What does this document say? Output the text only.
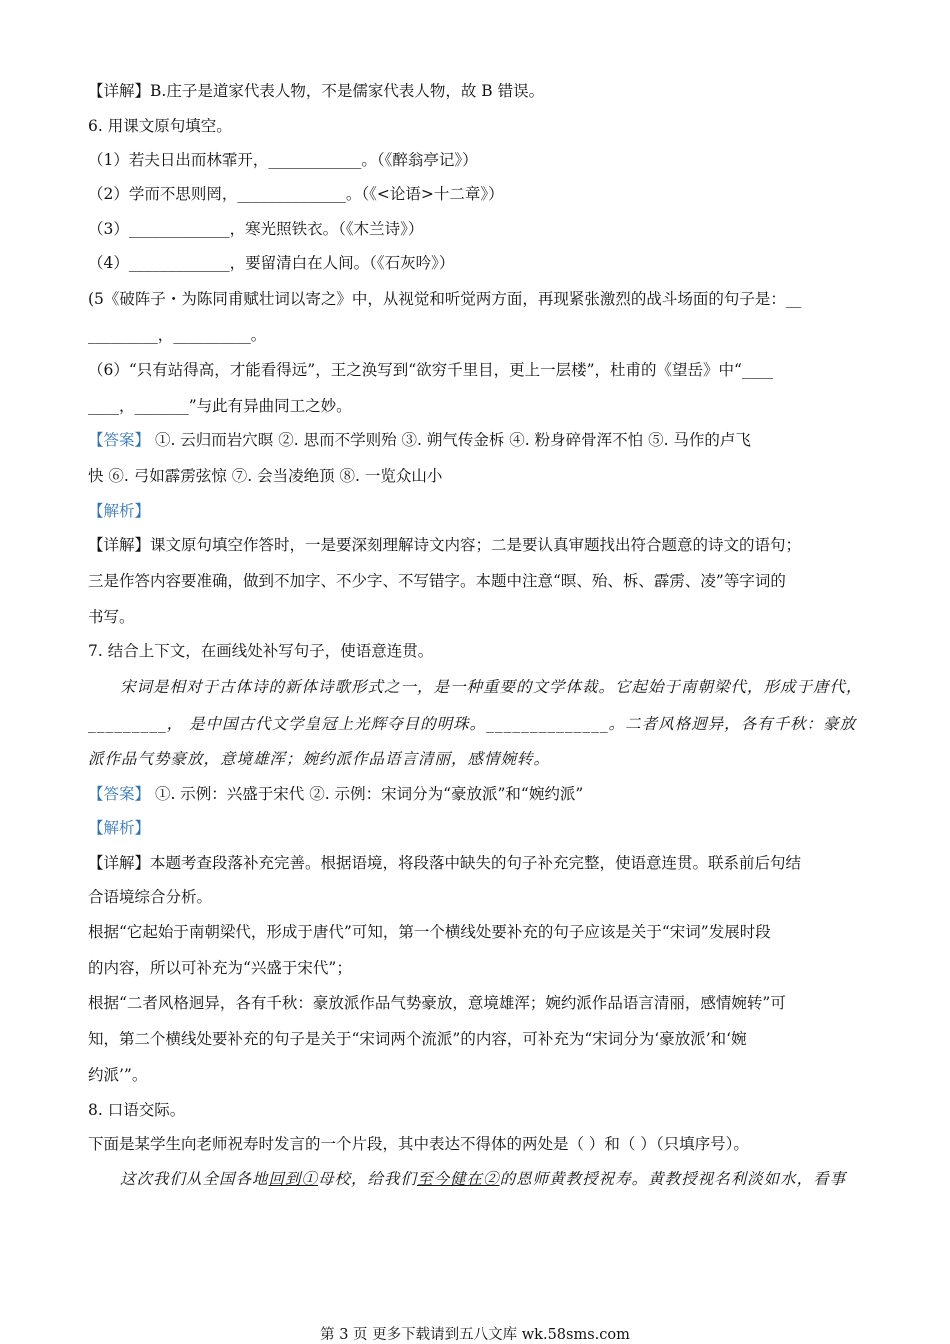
【详解】B.庄子是道家代表人物，不是儒家代表人物，故 B 错误。
6. 用课文原句填空。
（1）若夫日出而林霏开，____________。（《醉翁亭记》）
（2）学而不思则罔，______________。（《<论语>十二章》）
（3）_____________，寒光照铁衣。（《木兰诗》）
（4）_____________，要留清白在人间。（《石灰吟》）
(5《破阵子・为陈同甫赋壮词以寄之》中，从视觉和听觉两方面，再现紧张激烈的战斗场面的句子是：__
_________，__________。
（6）“只有站得高，才能看得远”，王之涣写到“欲穷千里目，更上一层楼”，杜甫的《望岳》中“____
____，_______”与此有异曲同工之妙。
【答案】 ①. 云归而岩穴暝 ②. 思而不学则殆 ③. 朔气传金柝 ④. 粉身碎骨浑不怕 ⑤. 马作的卢飞
快 ⑥. 弓如霹雳弦惊 ⑦. 会当凌绝顶 ⑧. 一览众山小
【解析】
【详解】课文原句填空作答时，一是要深刻理解诗文内容；二是要认真审题找出符合题意的诗文的语句；
三是作答内容要准确，做到不加字、不少字、不写错字。本题中注意“暝、殆、柝、霹雳、凌”等字词的
书写。
7. 结合上下文，在画线处补写句子，使语意连贯。
宋词是相对于古体诗的新体诗歌形式之一，是一种重要的文学体裁。它起始于南朝梁代，形成于唐代，
_________， 是中国古代文学皇冠上光辉夺目的明珠。______________。二者风格迥异，各有千秋：豪放
派作品气势豪放，意境雄浑；婉约派作品语言清丽，感情婉转。
【答案】 ①. 示例：兴盛于宋代 ②. 示例：宋词分为“豪放派”和“婉约派”
【解析】
【详解】本题考查段落补充完善。根据语境，将段落中缺失的句子补充完整，使语意连贯。联系前后句结
合语境综合分析。
根据“它起始于南朝梁代，形成于唐代”可知，第一个横线处要补充的句子应该是关于“宋词”发展时段
的内容，所以可补充为“兴盛于宋代”；
根据“二者风格迥异，各有千秋：豪放派作品气势豪放，意境雄浑；婉约派作品语言清丽，感情婉转”可
知，第二个横线处要补充的句子是关于“宋词两个流派”的内容，可补充为“宋词分为‘豪放派’和‘婉
约派’”。
8. 口语交际。
下面是某学生向老师祝寿时发言的一个片段，其中表达不得体的两处是（ ）和（ ）（只填序号）。
这次我们从全国各地回到①母校，给我们至今健在②的恩师黄教授祝寿。黄教授视名利淡如水，看事
第 3 页 更多下载请到五八文库 wk.58sms.com
